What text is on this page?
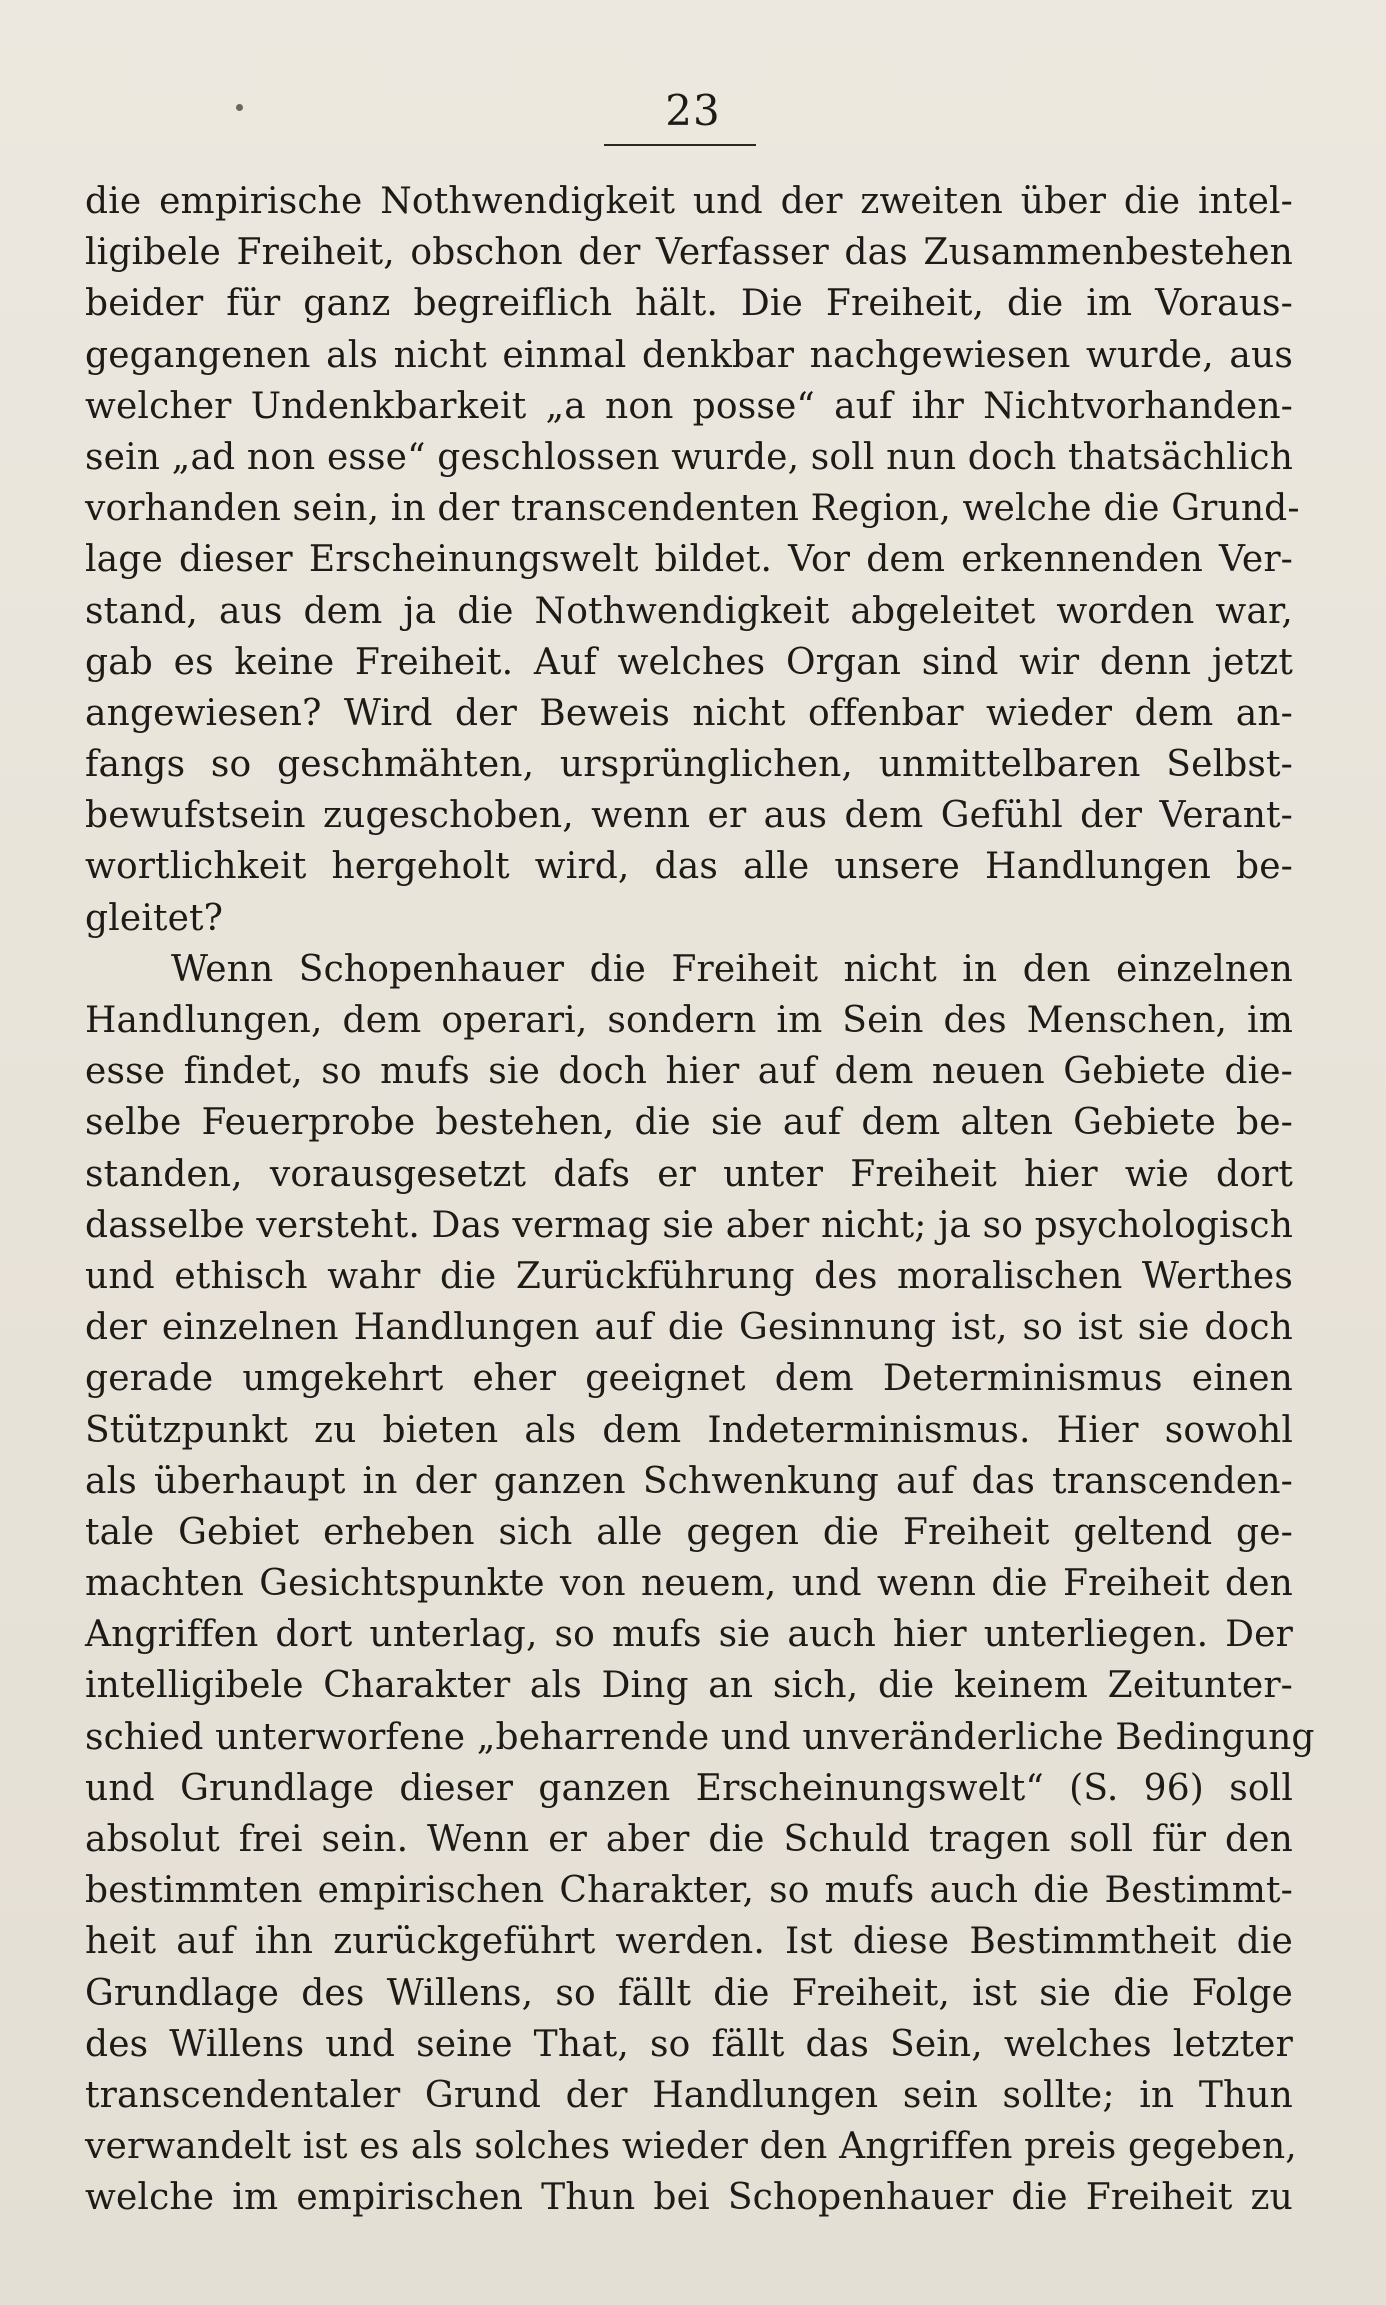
23
die empirische Nothwendigkeit und der zweiten über die intel-
ligibele Freiheit, obschon der Verfasser das Zusammenbestehen
beider für ganz begreiflich hält. Die Freiheit, die im Voraus-
gegangenen als nicht einmal denkbar nachgewiesen wurde, aus
welcher Undenkbarkeit „a non posse“ auf ihr Nichtvorhanden-
sein „ad non esse“ geschlossen wurde, soll nun doch thatsächlich
vorhanden sein, in der transcendenten Region, welche die Grund-
lage dieser Erscheinungswelt bildet. Vor dem erkennenden Ver-
stand, aus dem ja die Nothwendigkeit abgeleitet worden war,
gab es keine Freiheit. Auf welches Organ sind wir denn jetzt
angewiesen? Wird der Beweis nicht offenbar wieder dem an-
fangs so geschmähten, ursprünglichen, unmittelbaren Selbst-
bewufstsein zugeschoben, wenn er aus dem Gefühl der Verant-
wortlichkeit hergeholt wird, das alle unsere Handlungen be-
gleitet?
Wenn Schopenhauer die Freiheit nicht in den einzelnen
Handlungen, dem operari, sondern im Sein des Menschen, im
esse findet, so mufs sie doch hier auf dem neuen Gebiete die-
selbe Feuerprobe bestehen, die sie auf dem alten Gebiete be-
standen, vorausgesetzt dafs er unter Freiheit hier wie dort
dasselbe versteht. Das vermag sie aber nicht; ja so psychologisch
und ethisch wahr die Zurückführung des moralischen Werthes
der einzelnen Handlungen auf die Gesinnung ist, so ist sie doch
gerade umgekehrt eher geeignet dem Determinismus einen
Stützpunkt zu bieten als dem Indeterminismus. Hier sowohl
als überhaupt in der ganzen Schwenkung auf das transcenden-
tale Gebiet erheben sich alle gegen die Freiheit geltend ge-
machten Gesichtspunkte von neuem, und wenn die Freiheit den
Angriffen dort unterlag, so mufs sie auch hier unterliegen. Der
intelligibele Charakter als Ding an sich, die keinem Zeitunter-
schied unterworfene „beharrende und unveränderliche Bedingung
und Grundlage dieser ganzen Erscheinungswelt“ (S. 96) soll
absolut frei sein. Wenn er aber die Schuld tragen soll für den
bestimmten empirischen Charakter, so mufs auch die Bestimmt-
heit auf ihn zurückgeführt werden. Ist diese Bestimmtheit die
Grundlage des Willens, so fällt die Freiheit, ist sie die Folge
des Willens und seine That, so fällt das Sein, welches letzter
transcendentaler Grund der Handlungen sein sollte; in Thun
verwandelt ist es als solches wieder den Angriffen preis gegeben,
welche im empirischen Thun bei Schopenhauer die Freiheit zu
